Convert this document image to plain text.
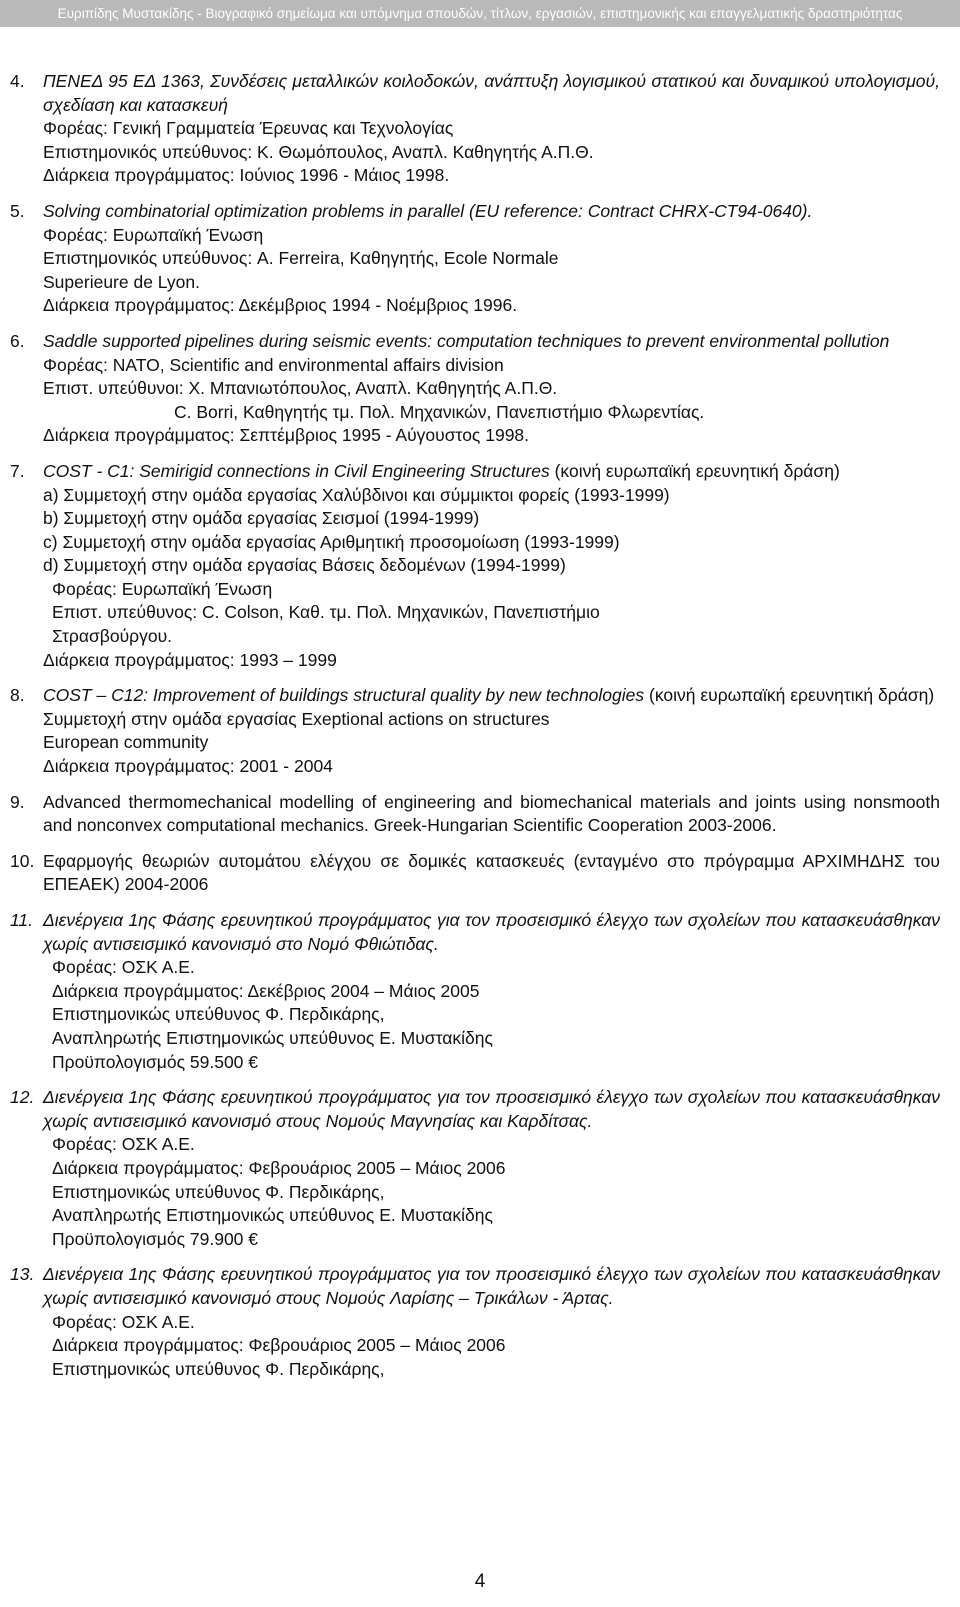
Ευριπίδης Μυστακίδης - Βιογραφικό σημείωμα και υπόμνημα σπουδών, τίτλων, εργασιών, επιστημονικής και επαγγελματικής δραστηριότητας
4.	ΠΕΝΕΔ 95 ΕΔ 1363, Συνδέσεις μεταλλικών κοιλοδοκών, ανάπτυξη λογισμικού στατικού και δυναμικού υπολογισμού, σχεδίαση και κατασκευή
Φορέας: Γενική Γραμματεία Έρευνας και Τεχνολογίας
Επιστημονικός υπεύθυνος: Κ. Θωμόπουλος, Αναπλ. Καθηγητής Α.Π.Θ.
Διάρκεια προγράμματος: Ιούνιος 1996 - Μάιος 1998.
5.	Solving combinatorial optimization problems in parallel (EU reference: Contract CHRX-CT94-0640).
Φορέας: Ευρωπαϊκή Ένωση
Επιστημονικός υπεύθυνος: A. Ferreira, Καθηγητής, Ecole Normale
Superieure de Lyon.
Διάρκεια προγράμματος: Δεκέμβριος 1994 - Νοέμβριος 1996.
6.	Saddle supported pipelines during seismic events: computation techniques to prevent environmental pollution
Φορέας: NATO, Scientific and environmental affairs division
Επιστ. υπεύθυνοι: Χ. Μπανιωτόπουλος, Αναπλ. Καθηγητής Α.Π.Θ.
C. Borri, Καθηγητής τμ. Πολ. Μηχανικών, Πανεπιστήμιο Φλωρεντίας.
Διάρκεια προγράμματος: Σεπτέμβριος 1995 - Αύγουστος 1998.
7.	COST - C1: Semirigid connections in Civil Engineering Structures (κοινή ευρωπαϊκή ερευνητική δράση)
a) Συμμετοχή στην ομάδα εργασίας Χαλύβδινοι και σύμμικτοι φορείς (1993-1999)
b) Συμμετοχή στην ομάδα εργασίας Σεισμοί (1994-1999)
c) Συμμετοχή στην ομάδα εργασίας Αριθμητική προσομοίωση (1993-1999)
d) Συμμετοχή στην ομάδα εργασίας Βάσεις δεδομένων (1994-1999)
Φορέας: Ευρωπαϊκή Ένωση
Επιστ. υπεύθυνος: C. Colson, Καθ. τμ. Πολ. Μηχανικών, Πανεπιστήμιο
Στρασβούργου.
Διάρκεια προγράμματος: 1993 – 1999
8.	COST – C12: Improvement of buildings structural quality by new technologies (κοινή ευρωπαϊκή ερευνητική δράση)
Συμμετοχή στην ομάδα εργασίας Exeptional actions on structures
European community
Διάρκεια προγράμματος: 2001 - 2004
9.	Advanced thermomechanical modelling of engineering and biomechanical materials and joints using nonsmooth and nonconvex computational mechanics. Greek-Hungarian Scientific Cooperation 2003-2006.
10. Εφαρμογής θεωριών αυτομάτου ελέγχου σε δομικές κατασκευές (ενταγμένο στο πρόγραμμα ΑΡΧΙΜΗΔΗΣ του ΕΠΕΑΕΚ) 2004-2006
11. Διενέργεια 1ης Φάσης ερευνητικού προγράμματος για τον προσεισμικό έλεγχο των σχολείων που κατασκευάσθηκαν χωρίς αντισεισμικό κανονισμό στο Νομό Φθιώτιδας.
Φορέας: ΟΣΚ Α.Ε.
Διάρκεια προγράμματος: Δεκέβριος 2004 – Μάιος 2005
Επιστημονικώς υπεύθυνος Φ. Περδικάρης,
Αναπληρωτής Επιστημονικώς υπεύθυνος Ε. Μυστακίδης
Προϋπολογισμός 59.500 €
12. Διενέργεια 1ης Φάσης ερευνητικού προγράμματος για τον προσεισμικό έλεγχο των σχολείων που κατασκευάσθηκαν χωρίς αντισεισμικό κανονισμό στους Νομούς Μαγνησίας και Καρδίτσας.
Φορέας: ΟΣΚ Α.Ε.
Διάρκεια προγράμματος: Φεβρουάριος 2005 – Μάιος 2006
Επιστημονικώς υπεύθυνος Φ. Περδικάρης,
Αναπληρωτής Επιστημονικώς υπεύθυνος Ε. Μυστακίδης
Προϋπολογισμός 79.900 €
13. Διενέργεια 1ης Φάσης ερευνητικού προγράμματος για τον προσεισμικό έλεγχο των σχολείων που κατασκευάσθηκαν χωρίς αντισεισμικό κανονισμό στους Νομούς Λαρίσης – Τρικάλων - Άρτας.
Φορέας: ΟΣΚ Α.Ε.
Διάρκεια προγράμματος: Φεβρουάριος 2005 – Μάιος 2006
Επιστημονικώς υπεύθυνος Φ. Περδικάρης,
4
